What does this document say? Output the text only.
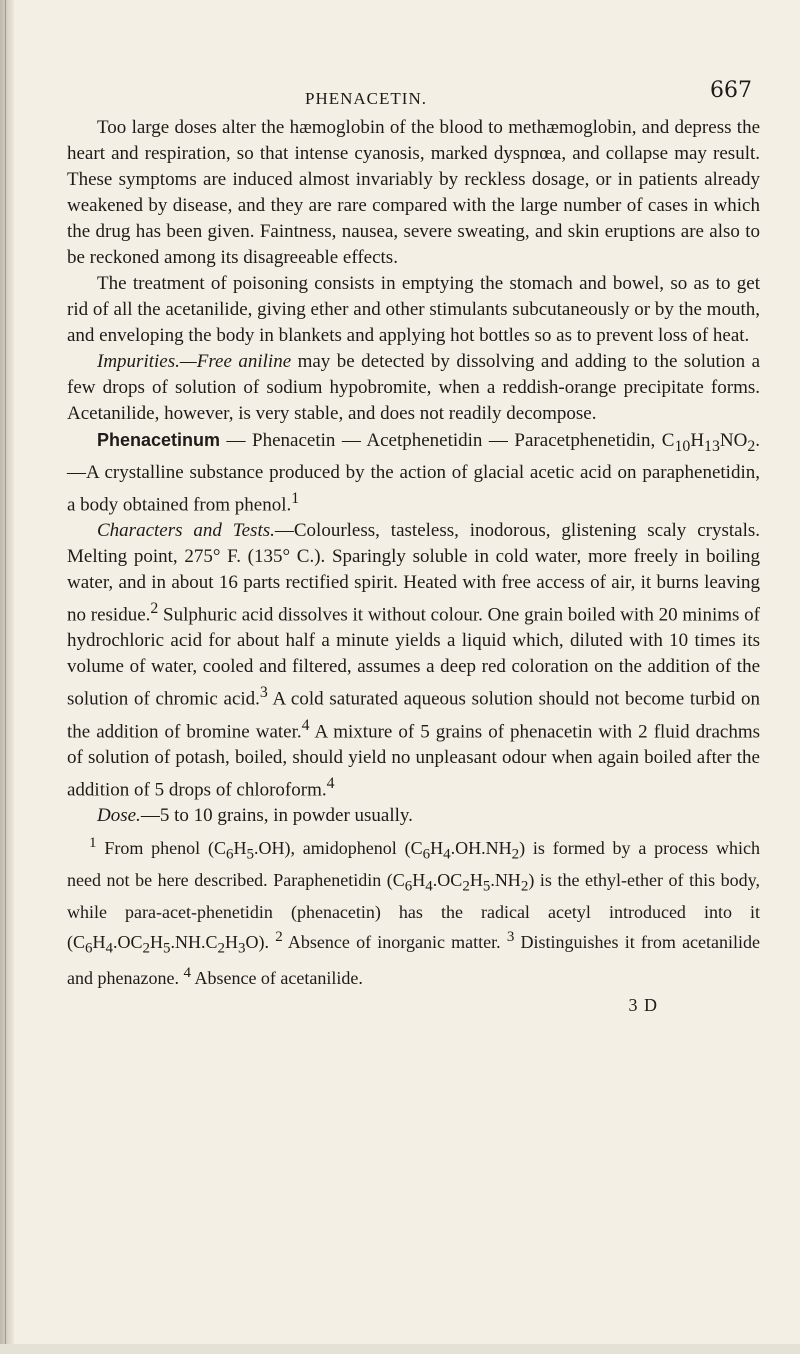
PHENACETIN.	667

Too large doses alter the hæmoglobin of the blood to methæmoglobin, and depress the heart and respiration, so that intense cyanosis, marked dyspnœa, and collapse may result. These symptoms are induced almost invariably by reckless dosage, or in patients already weakened by disease, and they are rare compared with the large number of cases in which the drug has been given. Faintness, nausea, severe sweating, and skin eruptions are also to be reckoned among its disagreeable effects.

The treatment of poisoning consists in emptying the stomach and bowel, so as to get rid of all the acetanilide, giving ether and other stimulants subcutaneously or by the mouth, and enveloping the body in blankets and applying hot bottles so as to prevent loss of heat.

Impurities.—Free aniline may be detected by dissolving and adding to the solution a few drops of solution of sodium hypobromite, when a reddish-orange precipitate forms. Acetanilide, however, is very stable, and does not readily decompose.

Phenacetinum — Phenacetin — Acetphenetidin — Paracetphenetidin, $C_{10}H_{13}NO_2.—A$ crystalline substance produced by the action of glacial acetic acid on paraphenetidin, a body obtained from phenol.$^1$

Characters and Tests.—Colourless, tasteless, inodorous, glistening scaly crystals. Melting point, 275° F. (135° C.). Sparingly soluble in cold water, more freely in boiling water, and in about 16 parts rectified spirit. Heated with free access of air, it burns leaving no residue.$^2$ Sulphuric acid dissolves it without colour. One grain boiled with 20 minims of hydrochloric acid for about half a minute yields a liquid which, diluted with 10 times its volume of water, cooled and filtered, assumes a deep red coloration on the addition of the solution of chromic acid.$^3$ A cold saturated aqueous solution should not become turbid on the addition of bromine water.$^4$ A mixture of 5 grains of phenacetin with 2 fluid drachms of solution of potash, boiled, should yield no unpleasant odour when again boiled after the addition of 5 drops of chloroform.$^4$

Dose.—5 to 10 grains, in powder usually.

$^1$ From phenol $(C_6H_5.OH)$, amidophenol $(C_6H_4.OH.NH_2)$ is formed by a process which need not be here described. Paraphenetidin $(C_6H_4.OC_2H_5.NH_2)$ is the ethyl-ether of this body, while para-acet-phenetidin (phenacetin) has the radical acetyl introduced into it $(C_6H_4.OC_2H_5.NH.C_2H_3O)$. $^2$ Absence of inorganic matter. $^3$ Distinguishes it from acetanilide and phenazone. $^4$ Absence of acetanilide.

3 D
